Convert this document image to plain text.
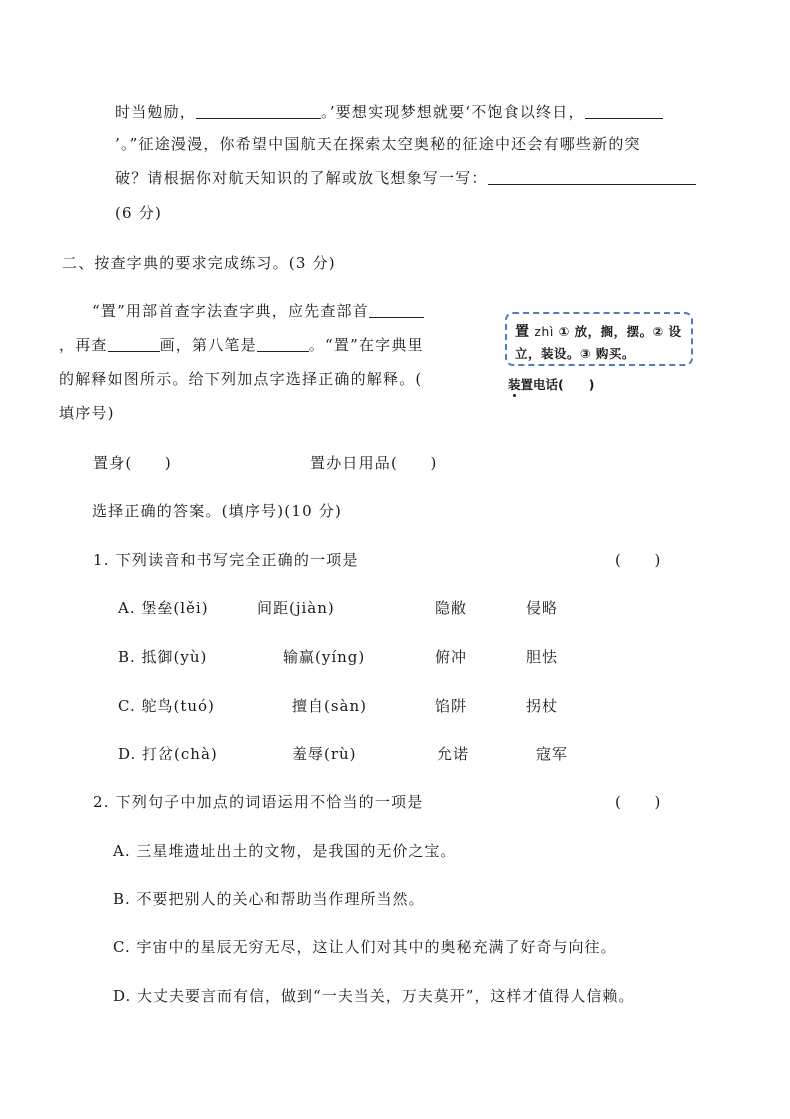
时当勉励，	。’要想实现梦想就要‘不饱食以终日，
’。”征途漫漫，你希望中国航天在探索太空奥秘的征途中还会有哪些新的突
破？请根据你对航天知识的了解或放飞想象写一写：
(6 分)
二、按查字典的要求完成练习。(3 分)
“置”用部首查字法查字典，应先查部首
，再查	画，第八笔是	。“置”在字典里
的解释如图所示。给下列加点字选择正确的解释。(
填序号)
置 zhì ① 放，搁，摆。② 设
立，装设。③ 购买。
装置电话(　　)
置身(　　)	置办日用品(　　)
选择正确的答案。(填序号)(10 分)
1. 下列读音和书写完全正确的一项是	(　　)
A. 堡垒(lěi)	间距(jiàn)	隐敝	侵略
B. 抵御(yù)	输赢(yíng)	俯冲	胆怯
C. 鸵鸟(tuó)	擅自(sàn)	馅阱	拐杖
D. 打岔(chà)	羞辱(rù)	允诺	寇军
2. 下列句子中加点的词语运用不恰当的一项是	(　　)
A. 三星堆遗址出土的文物，是我国的无价之宝。
B. 不要把别人的关心和帮助当作理所当然。
C. 宇宙中的星辰无穷无尽，这让人们对其中的奥秘充满了好奇与向往。
D. 大丈夫要言而有信，做到“一夫当关，万夫莫开”，这样才值得人信赖。
